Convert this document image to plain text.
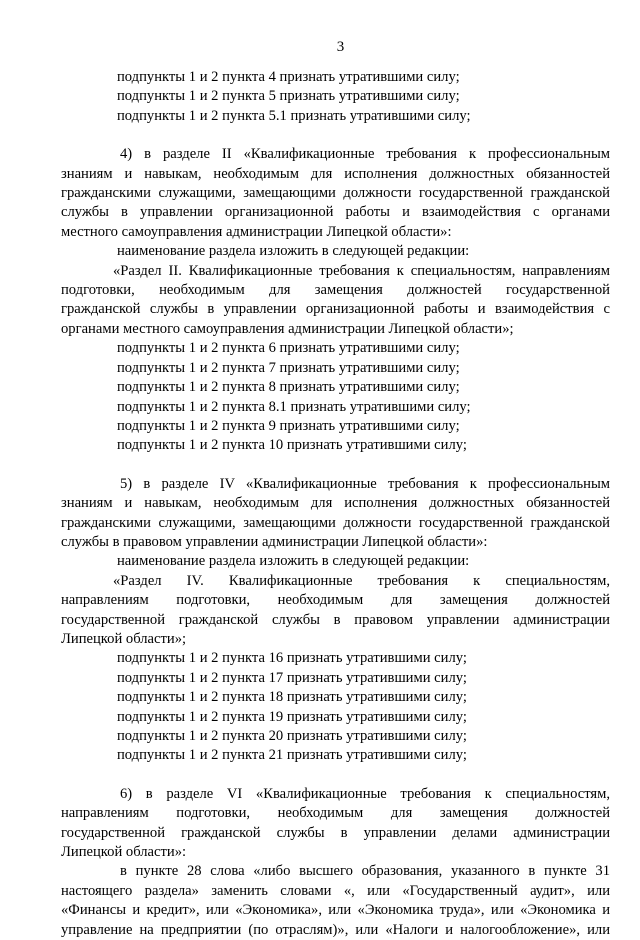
3
подпункты 1 и 2 пункта 4 признать утратившими силу;
подпункты 1 и 2 пункта 5 признать утратившими силу;
подпункты 1 и 2 пункта 5.1 признать утратившими силу;
4) в разделе II «Квалификационные требования к профессиональным
знаниям и навыкам, необходимым для исполнения должностных обязанностей
гражданскими служащими, замещающими должности государственной гражданской
службы в управлении организационной работы и взаимодействия с органами
местного самоуправления администрации Липецкой области»:
наименование раздела изложить в следующей редакции:
«Раздел II. Квалификационные требования к специальностям, направлениям
подготовки, необходимым для замещения должностей государственной
гражданской службы в управлении организационной работы и взаимодействия с
органами местного самоуправления администрации Липецкой области»;
подпункты 1 и 2 пункта 6 признать утратившими силу;
подпункты 1 и 2 пункта 7 признать утратившими силу;
подпункты 1 и 2 пункта 8 признать утратившими силу;
подпункты 1 и 2 пункта 8.1 признать утратившими силу;
подпункты 1 и 2 пункта 9 признать утратившими силу;
подпункты 1 и 2 пункта 10 признать утратившими силу;
5) в разделе IV «Квалификационные требования к профессиональным
знаниям и навыкам, необходимым для исполнения должностных обязанностей
гражданскими служащими, замещающими должности государственной гражданской
службы в правовом управлении администрации Липецкой области»:
наименование раздела изложить в следующей редакции:
«Раздел IV. Квалификационные требования к специальностям,
направлениям подготовки, необходимым для замещения должностей
государственной гражданской службы в правовом управлении администрации
Липецкой области»;
подпункты 1 и 2 пункта 16 признать утратившими силу;
подпункты 1 и 2 пункта 17 признать утратившими силу;
подпункты 1 и 2 пункта 18 признать утратившими силу;
подпункты 1 и 2 пункта 19 признать утратившими силу;
подпункты 1 и 2 пункта 20 признать утратившими силу;
подпункты 1 и 2 пункта 21 признать утратившими силу;
6) в разделе VI «Квалификационные требования к специальностям,
направлениям подготовки, необходимым для замещения должностей
государственной гражданской службы в управлении делами администрации
Липецкой области»:
в пункте 28 слова «либо высшего образования, указанного в пункте 31
настоящего раздела» заменить словами «, или «Государственный аудит», или
«Финансы и кредит», или «Экономика», или «Экономика труда», или «Экономика и
управление на предприятии (по отраслям)», или «Налоги и налогообложение», или
